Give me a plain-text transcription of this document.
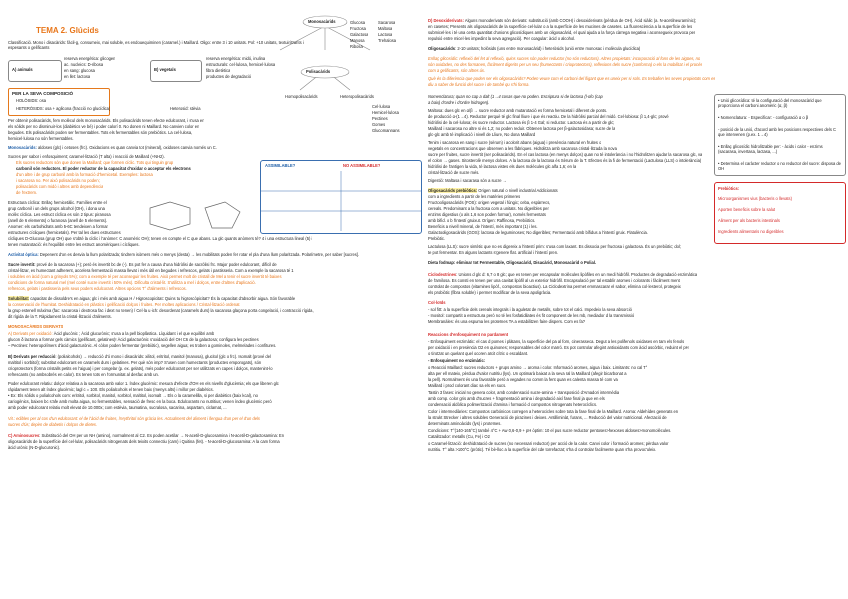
TEMA 2. Glúcids
Classificació. Mono i disacàrids: fàcil-g, consumeix, mai soluble, es endouequiminen (caramel.) i Maillard. Oligo: entre 3 i 10 unitats. Pol: +10 unitats, textuiritzants i espesants o gelificants
A) animals
reserva energètica: glicogen
ac. nucleics: D-ribosa
en sang: glucosa
en llet: lactosa
B) vegetals
reserva energètica: midó, inulina
estructurals: cel·lulosa, hemicel·lulosa
fibra dietètica
productes de degradació
PER LA SEVA COMPOSICIÓ
HOLÒSIDS: osa
HETERÒSIDS: osa + aglicona (fracció no glucídica)	Heterosid: stèvia
Per obtenir polisacàrids, fem molècul dels monosacàrids. Els polisacàrids tenen efecte edulcorant, i s'usa en
els sòlids per no disminuir-los (diabètics ve bé) i poder calorí 0. No donen ni Maillard. No canvien color en
begudes. Els polisacàrids poden ser fermentables. Tots els fermentables són prebiòtics. La cel·lulosa,
hemicel·lulosa no són fermentables.
Monosacàrids: aldoses (glc) i cetoses (frc). Oxidacions es quan canvia tot (mineral), oxidoses canvia només un C.
Sucres per sabor i enfosquiment; caramel·lització (T alta) i reacció de Maillard (+NH2).
Els sucres reductors són que donen la Maillard; que formen cíclic. Tots qui tinguin grup
carbonil són reductors. El poder reductor de la capacitat d'oxidar o acceptar els electrons
d'un altre i de grup carbonil amb la formació d'hemicetal. Exemples: lactosa
i sacarosa no. Per això polisacàrids no poden;
polisacàrids com midó i altres amb dependència
de l'extrem.
Estructura cíclica: Enllaç hemicetàlic. Famílies entre el
grup carbonil i un dels grups alcohol (OH), i dona una
molèc cíclica. Les estruct cíclica es són 2 tipus: piranosa
(anell de 6 elements) o furanosa (anell de 5 elements).
Anomer: els carbohidrats amb 5-6C tendeixen a formar
estructures cícliques (hemicetals). Per tal les dues estructures
cícliques D-Glucosa (grup OH) que s'obté la cíclic i l'anòmer: C anomèric OH); tenen en compte el C que abans. La glc quants anòmers té? 4 i una estructura lineal (5) i
tenen mutarotació: és l'equilibri entre les estruct anomèriques i cícliques.
Activitat òptica: Depenent d'on es desvia la llum polaritzada; tindrem isòmers més o menys (desta) → les mobilitats poden fer rotar el pla d'una llum polaritzada. Polarímetre, per saber [sucres].
Sucre invertit: prové de la sacarosa (+); però és invertit bc de (-). Es pot fer a causa d'una hidròlisi de sacròlisi frc. Major poder edulcorant, difícil de
cristal·litzar, es humectant adherent, accelera fermentació massa llevat i més útil en begudes i refrescos, gelats i pastisseria. Com a exemple la sacarosa té 1
i solubles en àcid (com a grinyols 5%); com a exemple té per aconseguir les fruites. Això permet molt de cristall de Mel a tenir el sucre invertit té baixes
condicions de forma natural mel (mel conté sucre invertit i 50% més). Dificulta cristal·lit. S'utilitza a mel i dolços, entre d'altres d'aplicació.
refrescos, gelats i pastisseria pels seus poders edulcorant. Altres opcions T° d'aliments i refrescos.
Solubilitat: capacitat de dissoldre's en aigua; glc i més amb aigua H / Higroscopicitat: Quins tu higroscòpicitat? És la capacitat d'absorbir aigua. Són favorable
la conservació de l'humitat. Deshidratació en plàstics i gelificació dolços i fruites. Per moltes aplicacions / Cristal·lització ordenat
la grup estenell màxima (fac: sacarosa i dextrosa fac i dext no tenen) / Cel·la u·ich: desordenat (caramels durs) la sacarosa glaçona porta congelació, i contracció rígida,
dit rígida de la T. Ràpidament la cristal·lització d'aliments.
MONOSACÀRIDS DERIVATS
A) Derivats per oxidació: Àcid glucònic ; Àcid glucurònic; s'usa a la pell bioplàstica. Líquidant i el que equilibri amb
glucon δ lactona a formar gels càmics (gelificant, gelatines)! Àcid galacturònic s'oxidació del OH C6 de la galactosa; configura les pectines
– Pectines: heteropolímers d'àcid galacturònic. Al còlon poden fermentar (prebiòtic), segellen aigua; es troben a gominoles, melmelades i confitures.
B) Derivats per reducció: (polialcohols) → reducció d'ó mono i disacàrids: xilitol, eritritol, manitol (manosa), glucitol (glc o frc). Isomalt (prové del
maltitol i sorbitol); substitut edulcorant en caramels durs i gelatines. Per què són imp? S'usen com humectants (productes emporogats), són
crioprotectors (forma cristalls petits en l'aigua) i per congelar (p. ex. gelats), més poder edulcorant per ser utilitzats en capes i dolços, mantenint-lo
refrescants (no ambsobrés en calor). Es tenen tots en l'ormunitat al desfac amb un.
Poder edulcorant relatiu: dolçor relativa a la sacarosa amb valor 1. Índex glucèmic: mesura d'efecte d'OH en els nivells d'glucèmia; els que liberen glc
ràpidament tenen alt índex glucèmic; lagl c = 100. Els polialcohols el tenen baix (menys alts) i millor per diabètics.
• Ex: Els sòlids o polialcohols com: eritritol, sorbitol, manitol, sorbitol, maltitol, isomalt → Els o la caramelilla, si per diabètics (baix kcal), no
cariogènics, baixen bc s'afe amb molta aigua, no fermentables, sensació de fresc en la boca. Edulcorants no nutritius; venen índex glucèmic però
amb poder edulcorant relatiu molt elevat de 10.000x; com estèvia, taumatina, sucralosa, sacarina, aspartam, ciclamat, ...
Vit.: edibles per al cos d'un edulcorant: el de l'àcid de fruites, l'erythritol són gràcia les. Actualment del aliment i llengua d'un per el d'un dels
sucres d'ús; depèn de diabetis i dolços de dietes.
C) Aminosucres: Substitució del OH per un NH (amino), normalment al C2. Es poden acetilar → N-acetil-D-glucosamina i N-acetil-D-galactosamina: En
oligosacàrids de la superfície del cel·lular, polisacàrids nitrogenats dels teixits connectiu (cam) i Quitina (fet). - N-acetil-D-glucosamina: A la cam forma
àcid urònic (N-D-glucuronic).
Monosacàrids
Polisacàrids
Homopolisacàrids	Heteropolisacàrids
Glucosa
Fructosa
Galactosa
Manosa
Ribosa
Sacarosa
Maltosa
Lactosa
Trehalosa
Cel·lulosa
Hemicel·lulosa
Pectines
Gomes
Glucomannans
ASSIMILABLE?	NO ASSIMILABLE?
D) Desoxiderivats: Alguns monoderivats són derivats: substitució (amb COOH) i desoxiderivats (pèrdua de OH). Àcid siàlic (a. N-acetilneuramínic);
en casetes; Presents als oligosacàrids de la superfície cel·lular o a la superfície de les mucines de casetes. La fluorescència a la superfície de les
submicel·les i té una certa quantitat d'unions glicosídiques amb un oligosacàrid, el qual ajuda a la força càrrega negativa i aconsegueix provoca per
repulsió entre micel·les impedint la seva agregació). Per coagular: àcid o alcohol.
Oligosacàrids: 2-10 unitats; holòsids (uns entre monosacàrid) i heteròsids (unió entre monosac i molècula glucídica)
Enllaç glicosídic: reflexió del fet al reflexió, quins sucres són poder reductor (no són reductors). Altres propietats: incorporació al fons de les aigües, no
són oxidades, no des formanen, fàcilment digerits per un seu (humectants i crioprotectors), reflexions dels sucre (conforma) o els la mobilitat i el procés
com a gelificants, són altres ús.
Què és la diferència que poden ser els oligosacàrids? Poden veure com el carboni del lligant que es uneix per si sols. Es treballen les seves propietats com es
diu a saber de funció del sucre i de també qu s'hi forma.
Nomenclatura; quan no cap a dalt (1→4 cosas que no poden. Escriptura si de lactosa (l-ofo (cap
a baix) d'ordre i d'ordre hidrogen).
Maltosa: dues glc en α/β → sucre reductor amb mutarotació es forma hemicetal i diferent de ponts.
de producció α-(1→4). Reductor perquè té glc final lliure i que és reactiu. De la hidròlisi parcial del midó. Cel·lobiosa: β 1,4-glc; prové
hidròlisi de la cel·lulosa; és sucre reductor. Lactosa és β 1-4 Gal; si reductor. Lactosa és a partir de glc;
Maillard i sacarosa no altre si és 1,2; no poden reduir. Obtenen lactosa per β-galactosidasa; sucre de la
glc-glc amb té implicació i nivell de Lliure, No dona Maillard
Tenim i sacarosa en sang i sucre (sèrum) i acolorit abans (aigua) i presència natural en fruites o
vegetals en concentracions que observen a les fàbriques. Hidrolitza amb sacarosa cristal·litzada la nova
sucre per fruites, sucre invertit (ser polisacàrids). En el cas lactosa (en menys dolços) quan no té intolerància i no l'hidrolitzen ajudar la sacarosa glc, va
el colon → gases. Sitosterolè menys dolces. A la lactosa de la lactosa és Sèrum de la T. Efectes és la fi de fermentació (Lactulosa (LLS) o intolerància)
hidròlisi de l'antigen la vida, té lactosa vistes els dues molècules glc alfa 1,6; en la
cristal·lització de sucre més.
Digestió: Maltasa i sacarasa són a sucre →
Oligosacàrids prebiòtics: Origen natural o nivell industrial Addicionats
com a ingredients a partir de les matèries primeres
Fructooligosacàrids (FOS): origen vegetal i fúngic; ceba, espàrrecs,
cereals. Predominant a la fructosa com a unitats. No digeribles per
enzims digestius (o als 1,6 son poden formar), només fermentats
amb bifid. o b l'intestí gruixut. Orígen: Raffinosa, Prebiòtics.
Beneficis a nivell mineral, de l'intestí, més important (1) i les.
Galactooligosacàrids (GOS): lactosa de leguminoses; No digeribles; Fermentació amb bífidus a l'intestí gruix. Flatulència.
Prebiòtic.
Lactulosa (LLS): sucre sintètic que no es digereix a l'intestí prim: s'usa com laxant. Es dissocia per fructosa i galactosa. És un prebiòtic; dol;
te pot fermentar. En alguns lactants s'genere flat. artificial i l'intestí pren.
Dieta fodmap: eliminar tot Fermentable, Oligosacàrid, Disacàrid, Monosacàrid o Polial.
Ciclodextrines: Unions d glc d: 6,7 o 8 glc; que es tenen per encapsular molècules lipòfiles en un medi hidròfil. Productes de degradació enzimàtica
de l'amilosa. Es consti en tenen per una cavitat lipòfil al un exterior hidròfil. Encapsulació per tal establir aromes i colorants i fàcilment ment
controlat de compostos (vitamines lipòf., compostos bioactius). La Ciclodextrina permet emmascarar el sabor, elimina col·lesterol, protegeix
els probiòtic (fibra soluble) i permet modificar de la seva apoligràcia.
Col·loïds
- sol fitt: a la superfície dels cereals integrals i la aguletat de metalls, sobre tot el calci. Impedeix la seva absorció
- Inositol: compartit a estructura però no té les fosfatidilates és fit component de les mb, mediador d la transmissió
Membranàles: és una espuma les proteïnes TA a estabilitzen faire dispers. Com es fa?
Reaccions d'enfosquiment no pardament
- Enfosquiment enzimàtic: el cas d pomes i plàtans, la superfície del pa al forn, cinerasseca. Degut a les polifenols oxidases en tam els fenols
per oxidació i en presència O2 en quinones; responsables del color marró. Es pot controlar afegint antioxidants com àcid ascòrbic, reduint el pH
o tirotzat un quelant quel ocoren aïcit cítric o escaldant.
- Enfosquiment no enzimàtic:
o Reacció Maillard: sucres reductors + grups amino → aroma i color. Informació aromes, aigua i baix. Limitants: no cal T°
alta per ell mateix, pèrdua d'valor nutritiu (lys). Un optimarà baixat a la seva ral la Maillard (afegir bicarbonat a
la pell). Normalment és una favorable però a vegades no comm la fent quan es calenta massa té com va
Maillard i prod colorant diac sa els en sucs.
Tastin 3 fases: inicial no genera color, amb condensació sucre-amina + transposició d'Amadori intermèdia
amb comp. color gris amb d'sucres + fragmentació amina i degradació així fase final ja que en els
condensació aldòlica polimerització d'amina i formació d compostos nitrogenats heterocíclics.
Color i intermediàries: Compostos carbónicos corregen a heterocicles sobre tota la fase final de la Maillard. Aroma: Aldehídes generats en
la strukt Strecker i altres solubles Generació de pirazines i deixes. Antilliminàt, furans, ... Reducció del valor nutricional. Afectació de
determinats aminoàcids (lys) i proteïnes.
Condicions: T°(140-165°C) també 4°C + Aw 0,6-0,9 + pH òptim: 10 el pus sucre reductor pentoses>hexoses aldoses>monomolècules.
Catalitzador: metalls (Cu, Fe) i O2
o Caramel·lització: deshidratació de sucres (no necessari reductor) per acció de la calor. Canvi color i formació aromes; pèrdua valor
nutritiu. T° alta >100°C (pròtic). Té bè-lloc a la superfície del cde torrefactat; s'ha d controlar facilmente quan s'ha provoc'uleix.
• Unió glicosídica: té la configuració del monosacàrid que proporciona el carboni anomèric (α, β)
• Nomenclatura: - Especificar: - configuració α o β
- posició de la unió, d'acord amb les posicions respectives dels C que intervenen (p.ex. 1→4)
• Enllaç glicosídic hidrolitzable per: - àcids i calor - enzims (sacarasa, invertasa, lactasa, ...)
• Determina el caràcter reductor o no reductor del sucre: disposa de OH
Prebiòtics:
Microorganismes vius (bacteris o llevats)
Aporten beneficis sobre la salut
Aliment per als bacteris intestinals
Ingredients alimentaris no digeribles
